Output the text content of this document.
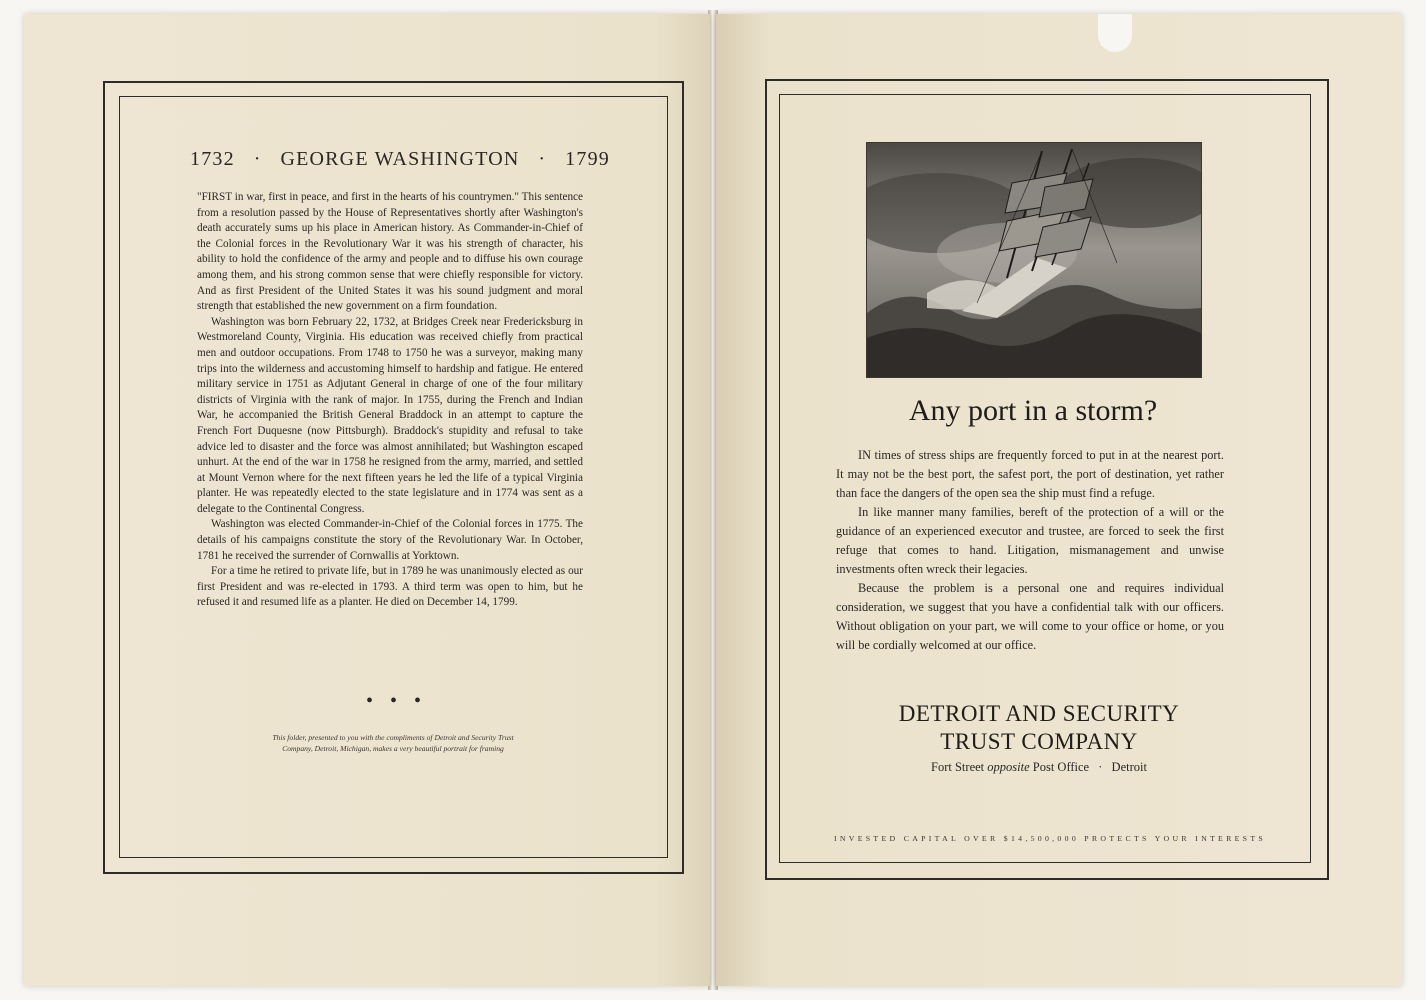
1732 · GEORGE WASHINGTON · 1799

"FIRST in war, first in peace, and first in the hearts of his countrymen." This sentence from a resolution passed by the House of Representatives shortly after Washington's death accurately sums up his place in American history. As Commander-in-Chief of the Colonial forces in the Revolutionary War it was his strength of character, his ability to hold the confidence of the army and people and to diffuse his own courage among them, and his strong common sense that were chiefly responsible for victory. And as first President of the United States it was his sound judgment and moral strength that established the new government on a firm foundation.

Washington was born February 22, 1732, at Bridges Creek near Fredericksburg in Westmoreland County, Virginia. His education was received chiefly from practical men and outdoor occupations. From 1748 to 1750 he was a surveyor, making many trips into the wilderness and accustoming himself to hardship and fatigue. He entered military service in 1751 as Adjutant General in charge of one of the four military districts of Virginia with the rank of major. In 1755, during the French and Indian War, he accompanied the British General Braddock in an attempt to capture the French Fort Duquesne (now Pittsburgh). Braddock's stupidity and refusal to take advice led to disaster and the force was almost annihilated; but Washington escaped unhurt. At the end of the war in 1758 he resigned from the army, married, and settled at Mount Vernon where for the next fifteen years he led the life of a typical Virginia planter. He was repeatedly elected to the state legislature and in 1774 was sent as a delegate to the Continental Congress.

Washington was elected Commander-in-Chief of the Colonial forces in 1775. The details of his campaigns constitute the story of the Revolutionary War. In October, 1781 he received the surrender of Cornwallis at Yorktown.

For a time he retired to private life, but in 1789 he was unanimously elected as our first President and was re-elected in 1793. A third term was open to him, but he refused it and resumed life as a planter. He died on December 14, 1799.

• • •
This folder, presented to you with the compliments of Detroit and Security Trust Company, Detroit, Michigan, makes a very beautiful portrait for framing
Any port in a storm?

IN times of stress ships are frequently forced to put in at the nearest port. It may not be the best port, the safest port, the port of destination, yet rather than face the dangers of the open sea the ship must find a refuge.

In like manner many families, bereft of the protection of a will or the guidance of an experienced executor and trustee, are forced to seek the first refuge that comes to hand. Litigation, mismanagement and unwise investments often wreck their legacies.

Because the problem is a personal one and requires individual consideration, we suggest that you have a confidential talk with our officers. Without obligation on your part, we will come to your office or home, or you will be cordially welcomed at our office.

DETROIT AND SECURITY
TRUST COMPANY
Fort Street opposite Post Office · Detroit
INVESTED CAPITAL OVER $14,500,000 PROTECTS YOUR INTERESTS
